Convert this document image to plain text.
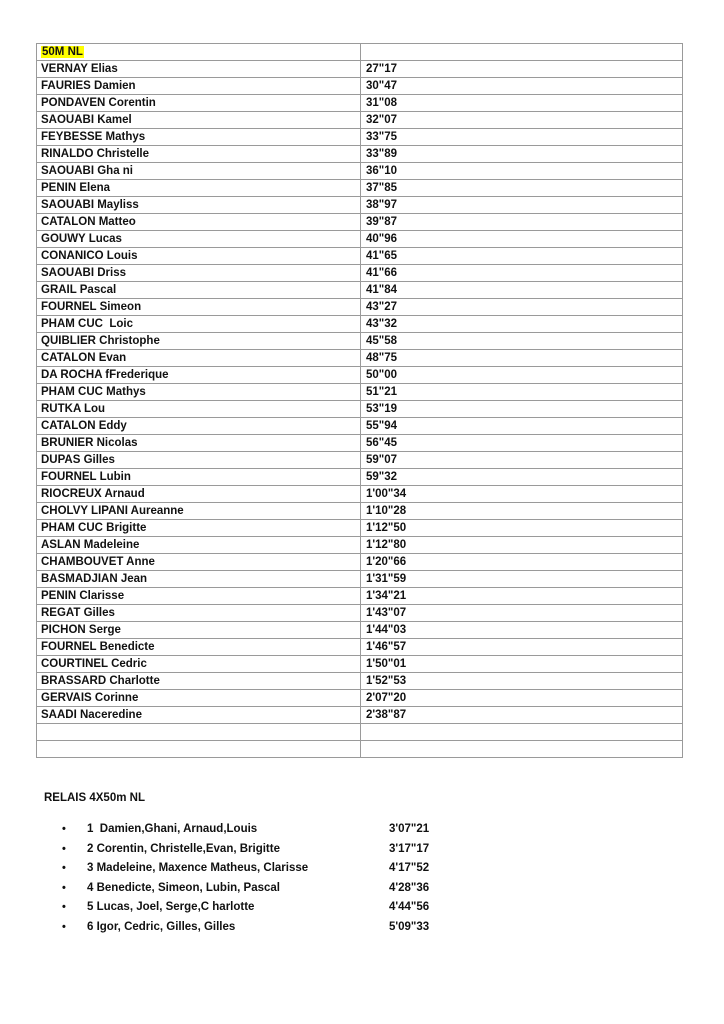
50M NL	
VERNAY Elias	27"17
FAURIES Damien	30"47
PONDAVEN Corentin	31"08
SAOUABI Kamel	32"07
FEYBESSE Mathys	33"75
RINALDO Christelle	33"89
SAOUABI Gha ni	36"10
PENIN Elena	37"85
SAOUABI Mayliss	38"97
CATALON Matteo	39"87
GOUWY Lucas	40"96
CONANICO Louis	41"65
SAOUABI Driss	41"66
GRAIL Pascal	41"84
FOURNEL Simeon	43"27
PHAM CUC  Loic	43"32
QUIBLIER Christophe	45"58
CATALON Evan	48"75
DA ROCHA fFrederique	50"00
PHAM CUC Mathys	51"21
RUTKA Lou	53"19
CATALON Eddy	55"94
BRUNIER Nicolas	56"45
DUPAS Gilles	59"07
FOURNEL Lubin	59"32
RIOCREUX Arnaud	1'00"34
CHOLVY LIPANI Aureanne	1'10"28
PHAM CUC Brigitte	1'12"50
ASLAN Madeleine	1'12"80
CHAMBOUVET Anne	1'20"66
BASMADJIAN Jean	1'31"59
PENIN Clarisse	1'34"21
REGAT Gilles	1'43"07
PICHON Serge	1'44"03
FOURNEL Benedicte	1'46"57
COURTINEL Cedric	1'50"01
BRASSARD Charlotte	1'52"53
GERVAIS Corinne	2'07"20
SAADI Naceredine	2'38"87

RELAIS 4X50m NL
• 1  Damien,Ghani, Arnaud,Louis	3'07"21
• 2 Corentin, Christelle,Evan, Brigitte	3'17"17
• 3 Madeleine, Maxence Matheus, Clarisse	4'17"52
• 4 Benedicte, Simeon, Lubin, Pascal	4'28"36
• 5 Lucas, Joel, Serge,C harlotte	4'44"56
• 6 Igor, Cedric, Gilles, Gilles	5'09"33
